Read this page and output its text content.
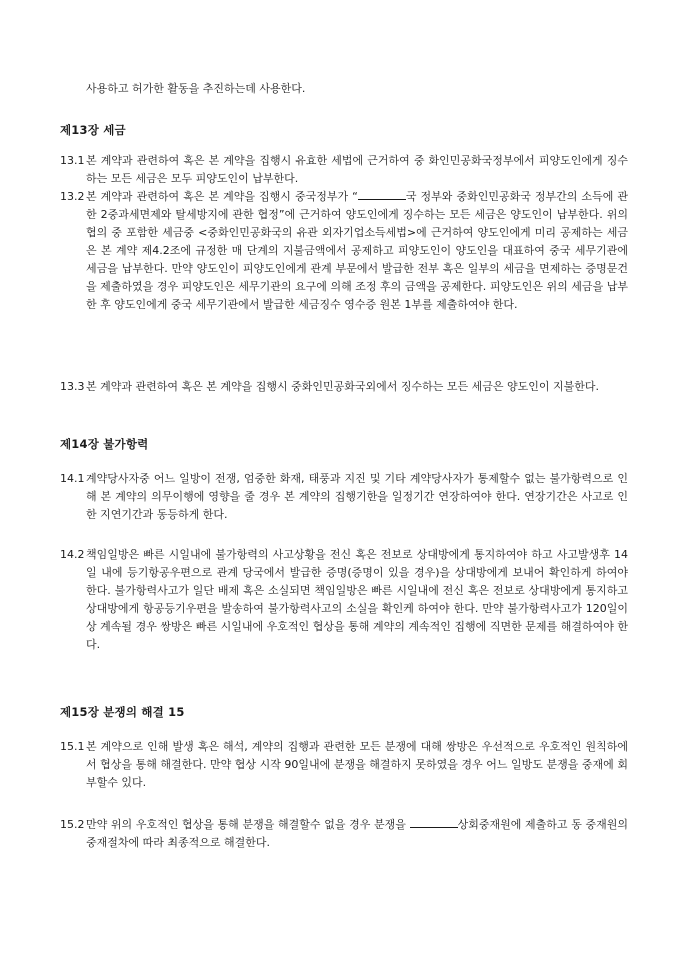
사용하고 허가한 활동을 추진하는데 사용한다.
제13장 세금
13.1 본 계약과 관련하여 혹은 본 계약을 집행시 유효한 세법에 근거하여 중 화인민공화국정부에서 피양도인에게 징수하는 모든 세금은 모두 피양도인이 납부한다.
13.2 본 계약과 관련하여 혹은 본 계약을 집행시 중국정부가 “	국 정부와 중화인민공화국 정부간의 소득에 관한 2중과세면제와 탈세방지에 관한 협정”에 근거하여 양도인에게 징수하는 모든 세금은 양도인이 납부한다. 위의 협의 중 포함한 세금중 <중화인민공화국의 유관 외자기업소득세법>에 근거하여 양도인에게 미리 공제하는 세금은 본 계약 제4.2조에 규정한 매 단계의 지불금액에서 공제하고 피양도인이 양도인을 대표하여 중국 세무기관에 세금을 납부한다. 만약 양도인이 피양도인에게 관계 부문에서 발급한 전부 혹은 일부의 세금을 면제하는 증명문건을 제출하였을 경우 피양도인은 세무기관의 요구에 의해 조정 후의 금액을 공제한다. 피양도인은 위의 세금을 납부한 후 양도인에게 중국 세무기관에서 발급한 세금징수 영수증 원본 1부를 제출하여야 한다.
13.3 본 계약과 관련하여 혹은 본 계약을 집행시 중화인민공화국외에서 징수하는 모든 세금은 양도인이 지불한다.
제14장 불가항력
14.1 계약당사자중 어느 일방이 전쟁, 엄중한 화재, 태풍과 지진 및 기타 계약당사자가 통제할수 없는 불가항력으로 인해 본 계약의 의무이행에 영향을 줄 경우 본 계약의 집행기한을 일정기간 연장하여야 한다. 연장기간은 사고로 인한 지연기간과 동등하게 한다.
14.2 책임일방은 빠른 시일내에 불가항력의 사고상황을 전신 혹은 전보로 상대방에게 통지하여야 하고 사고발생후 14일 내에 등기항공우편으로 관계 당국에서 발급한 증명(증명이 있을 경우)을 상대방에게 보내어 확인하게 하여야 한다. 불가항력사고가 일단 배제 혹은 소실되면 책임일방은 빠른 시일내에 전신 혹은 전보로 상대방에게 통지하고 상대방에게 항공등기우편을 발송하여 불가항력사고의 소실을 확인케 하여야 한다. 만약 불가항력사고가 120일이상 계속될 경우 쌍방은 빠른 시일내에 우호적인 협상을 통해 계약의 계속적인 집행에 직면한 문제를 해결하여야 한다.
제15장 분쟁의 해결 15
15.1 본 계약으로 인해 발생 혹은 해석, 계약의 집행과 관련한 모든 분쟁에 대해 쌍방은 우선적으로 우호적인 원칙하에서 협상을 통해 해결한다. 만약 협상 시작 90일내에 분쟁을 해결하지 못하였을 경우 어느 일방도 분쟁을 중재에 회부할수 있다.
15.2 만약 위의 우호적인 협상을 통해 분쟁을 해결할수 없을 경우 분쟁을	상회중재원에 제출하고 동 중재원의 중재절차에 따라 최종적으로 해결한다.
